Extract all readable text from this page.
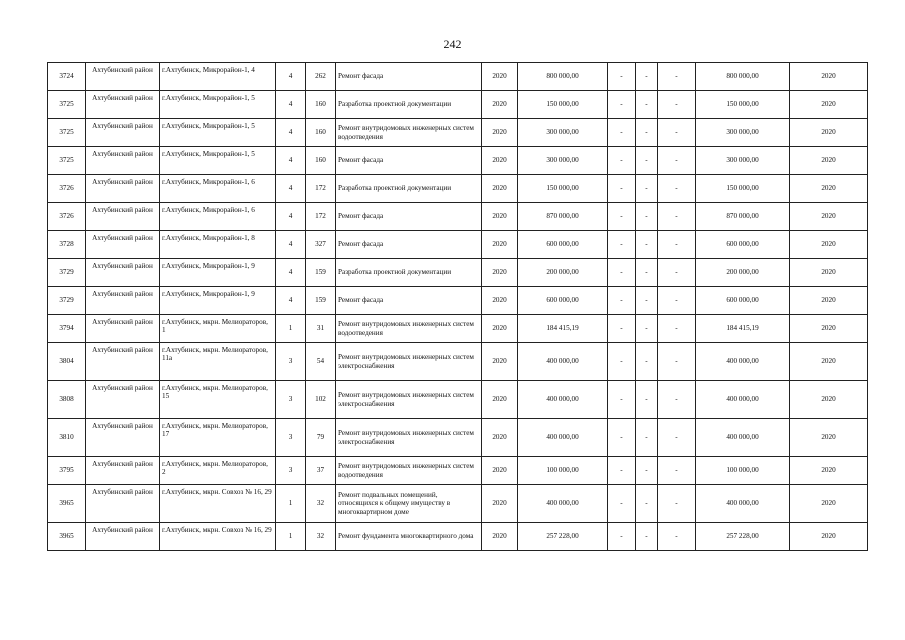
242
3724	Ахтубинский район	г.Ахтубинск, Микрорайон-1, 4	4	262	Ремонт фасада	2020	800 000,00	-	-	-	800 000,00	2020
3725	Ахтубинский район	г.Ахтубинск, Микрорайон-1, 5	4	160	Разработка проектной документации	2020	150 000,00	-	-	-	150 000,00	2020
3725	Ахтубинский район	г.Ахтубинск, Микрорайон-1, 5	4	160	Ремонт внутридомовых инженерных систем водоотведения	2020	300 000,00	-	-	-	300 000,00	2020
3725	Ахтубинский район	г.Ахтубинск, Микрорайон-1, 5	4	160	Ремонт фасада	2020	300 000,00	-	-	-	300 000,00	2020
3726	Ахтубинский район	г.Ахтубинск, Микрорайон-1, 6	4	172	Разработка проектной документации	2020	150 000,00	-	-	-	150 000,00	2020
3726	Ахтубинский район	г.Ахтубинск, Микрорайон-1, 6	4	172	Ремонт фасада	2020	870 000,00	-	-	-	870 000,00	2020
3728	Ахтубинский район	г.Ахтубинск, Микрорайон-1, 8	4	327	Ремонт фасада	2020	600 000,00	-	-	-	600 000,00	2020
3729	Ахтубинский район	г.Ахтубинск, Микрорайон-1, 9	4	159	Разработка проектной документации	2020	200 000,00	-	-	-	200 000,00	2020
3729	Ахтубинский район	г.Ахтубинск, Микрорайон-1, 9	4	159	Ремонт фасада	2020	600 000,00	-	-	-	600 000,00	2020
3794	Ахтубинский район	г.Ахтубинск, мкрн. Мелиораторов, 1	1	31	Ремонт внутридомовых инженерных систем водоотведения	2020	184 415,19	-	-	-	184 415,19	2020
3804	Ахтубинский район	г.Ахтубинск, мкрн. Мелиораторов, 11а	3	54	Ремонт внутридомовых инженерных систем электроснабжения	2020	400 000,00	-	-	-	400 000,00	2020
3808	Ахтубинский район	г.Ахтубинск, мкрн. Мелиораторов, 15	3	102	Ремонт внутридомовых инженерных систем электроснабжения	2020	400 000,00	-	-	-	400 000,00	2020
3810	Ахтубинский район	г.Ахтубинск, мкрн. Мелиораторов, 17	3	79	Ремонт внутридомовых инженерных систем электроснабжения	2020	400 000,00	-	-	-	400 000,00	2020
3795	Ахтубинский район	г.Ахтубинск, мкрн. Мелиораторов, 2	3	37	Ремонт внутридомовых инженерных систем водоотведения	2020	100 000,00	-	-	-	100 000,00	2020
3965	Ахтубинский район	г.Ахтубинск, мкрн. Совхоз № 16, 29	1	32	Ремонт подвальных помещений, относящихся к общему имуществу в многоквартирном доме	2020	400 000,00	-	-	-	400 000,00	2020
3965	Ахтубинский район	г.Ахтубинск, мкрн. Совхоз № 16, 29	1	32	Ремонт фундамента многоквартирного дома	2020	257 228,00	-	-	-	257 228,00	2020
